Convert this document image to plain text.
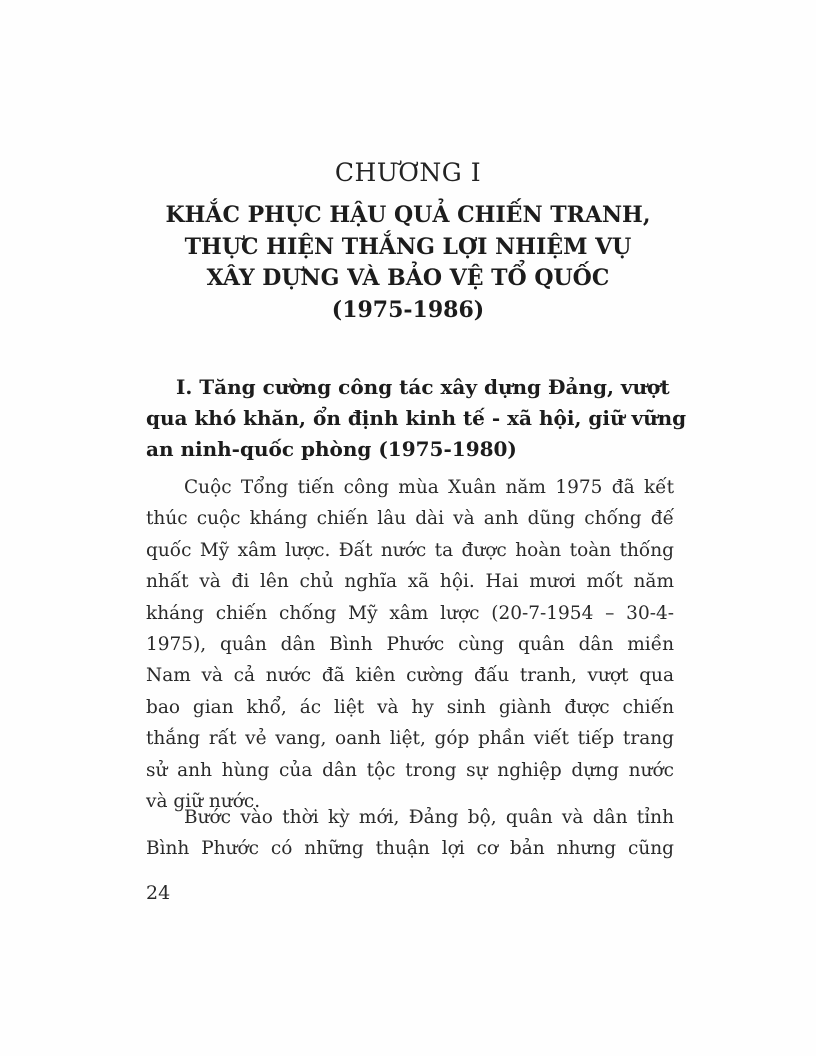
CHƯƠNG I
KHẮC PHỤC HẬU QUẢ CHIẾN TRANH,
THỰC HIỆN THẮNG LỢI NHIỆM VỤ
XÂY DỰNG VÀ BẢO VỆ TỔ QUỐC
(1975-1986)
I. Tăng cường công tác xây dựng Đảng, vượt
qua khó khăn, ổn định kinh tế - xã hội, giữ vững
an ninh-quốc phòng (1975-1980)

Cuộc Tổng tiến công mùa Xuân năm 1975 đã kết
thúc cuộc kháng chiến lâu dài và anh dũng chống đế
quốc Mỹ xâm lược. Đất nước ta được hoàn toàn thống
nhất và đi lên chủ nghĩa xã hội. Hai mươi mốt năm
kháng chiến chống Mỹ xâm lược (20-7-1954 – 30-4-
1975), quân dân Bình Phước cùng quân dân miền
Nam và cả nước đã kiên cường đấu tranh, vượt qua
bao gian khổ, ác liệt và hy sinh giành được chiến
thắng rất vẻ vang, oanh liệt, góp phần viết tiếp trang
sử anh hùng của dân tộc trong sự nghiệp dựng nước
và giữ nước.

Bước vào thời kỳ mới, Đảng bộ, quân và dân tỉnh
Bình Phước có những thuận lợi cơ bản nhưng cũng

24
